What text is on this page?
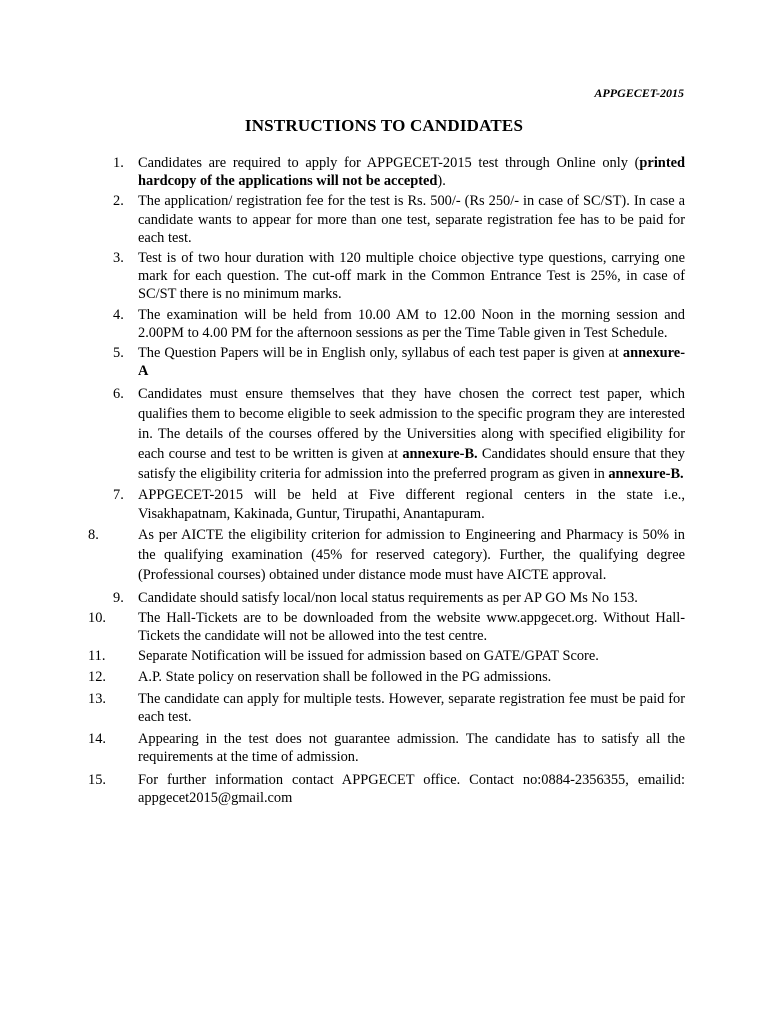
APPGECET-2015
INSTRUCTIONS TO CANDIDATES
1. Candidates are required to apply for APPGECET-2015 test through Online only (printed hardcopy of the applications will not be accepted).
2. The application/ registration fee for the test is Rs. 500/- (Rs 250/- in case of SC/ST). In case a candidate wants to appear for more than one test, separate registration fee has to be paid for each test.
3. Test is of two hour duration with 120 multiple choice objective type questions, carrying one mark for each question. The cut-off mark in the Common Entrance Test is 25%, in case of SC/ST there is no minimum marks.
4. The examination will be held from 10.00 AM to 12.00 Noon in the morning session and 2.00PM to 4.00 PM for the afternoon sessions as per the Time Table given in Test Schedule.
5. The Question Papers will be in English only, syllabus of each test paper is given at annexure-A
6. Candidates must ensure themselves that they have chosen the correct test paper, which qualifies them to become eligible to seek admission to the specific program they are interested in. The details of the courses offered by the Universities along with specified eligibility for each course and test to be written is given at annexure-B. Candidates should ensure that they satisfy the eligibility criteria for admission into the preferred program as given in annexure-B.
7. APPGECET-2015 will be held at Five different regional centers in the state i.e., Visakhapatnam, Kakinada, Guntur, Tirupathi, Anantapuram.
8.	As per AICTE the eligibility criterion for admission to Engineering and Pharmacy is 50% in the qualifying examination (45% for reserved category). Further, the qualifying degree (Professional courses) obtained under distance mode must have AICTE approval.
9. Candidate should satisfy local/non local status requirements as per AP GO Ms No 153.
10. The Hall-Tickets are to be downloaded from the website www.appgecet.org. Without Hall-Tickets the candidate will not be allowed into the test centre.
11. Separate Notification will be issued for admission based on GATE/GPAT Score.
12. A.P. State policy on reservation shall be followed in the PG admissions.
13. The candidate can apply for multiple tests. However, separate registration fee must be paid for each test.
14. Appearing in the test does not guarantee admission. The candidate has to satisfy all the requirements at the time of admission.
15. For further information contact APPGECET office. Contact no:0884-2356355, emailid: appgecet2015@gmail.com
